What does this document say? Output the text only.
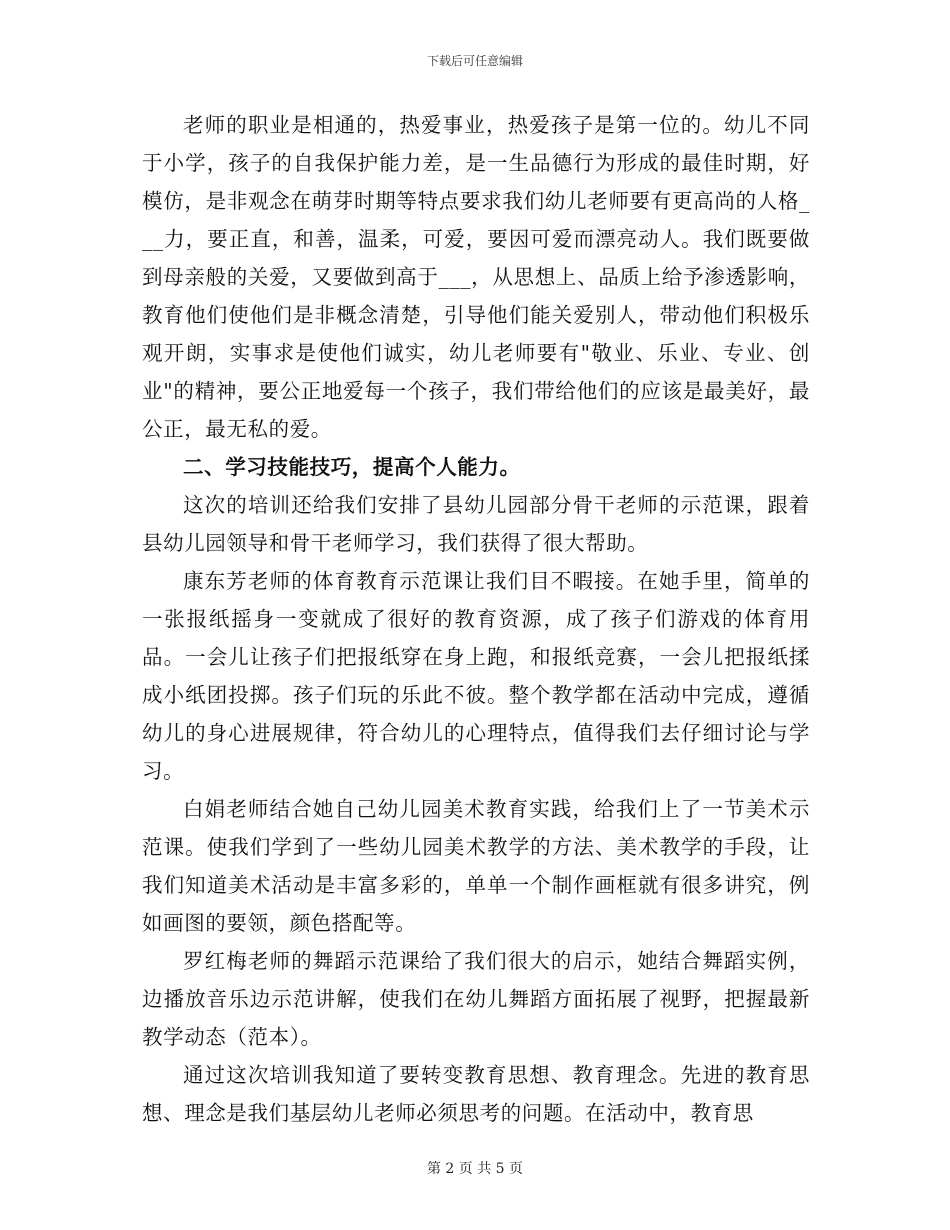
下载后可任意编辑

老师的职业是相通的，热爱事业，热爱孩子是第一位的。幼儿不同于小学，孩子的自我保护能力差，是一生品德行为形成的最佳时期，好模仿，是非观念在萌芽时期等特点要求我们幼儿老师要有更高尚的人格___力，要正直，和善，温柔，可爱，要因可爱而漂亮动人。我们既要做到母亲般的关爱，又要做到高于___，从思想上、品质上给予渗透影响，教育他们使他们是非概念清楚，引导他们能关爱别人，带动他们积极乐观开朗，实事求是使他们诚实，幼儿老师要有"敬业、乐业、专业、创业"的精神，要公正地爱每一个孩子，我们带给他们的应该是最美好，最公正，最无私的爱。

二、学习技能技巧，提高个人能力。

这次的培训还给我们安排了县幼儿园部分骨干老师的示范课，跟着县幼儿园领导和骨干老师学习，我们获得了很大帮助。

康东芳老师的体育教育示范课让我们目不暇接。在她手里，简单的一张报纸摇身一变就成了很好的教育资源，成了孩子们游戏的体育用品。一会儿让孩子们把报纸穿在身上跑，和报纸竞赛，一会儿把报纸揉成小纸团投掷。孩子们玩的乐此不彼。整个教学都在活动中完成，遵循幼儿的身心进展规律，符合幼儿的心理特点，值得我们去仔细讨论与学习。

白娟老师结合她自己幼儿园美术教育实践，给我们上了一节美术示范课。使我们学到了一些幼儿园美术教学的方法、美术教学的手段，让我们知道美术活动是丰富多彩的，单单一个制作画框就有很多讲究，例如画图的要领，颜色搭配等。

罗红梅老师的舞蹈示范课给了我们很大的启示，她结合舞蹈实例，边播放音乐边示范讲解，使我们在幼儿舞蹈方面拓展了视野，把握最新教学动态（范本）。

通过这次培训我知道了要转变教育思想、教育理念。先进的教育思想、理念是我们基层幼儿老师必须思考的问题。在活动中，教育思

第 2 页 共 5 页
